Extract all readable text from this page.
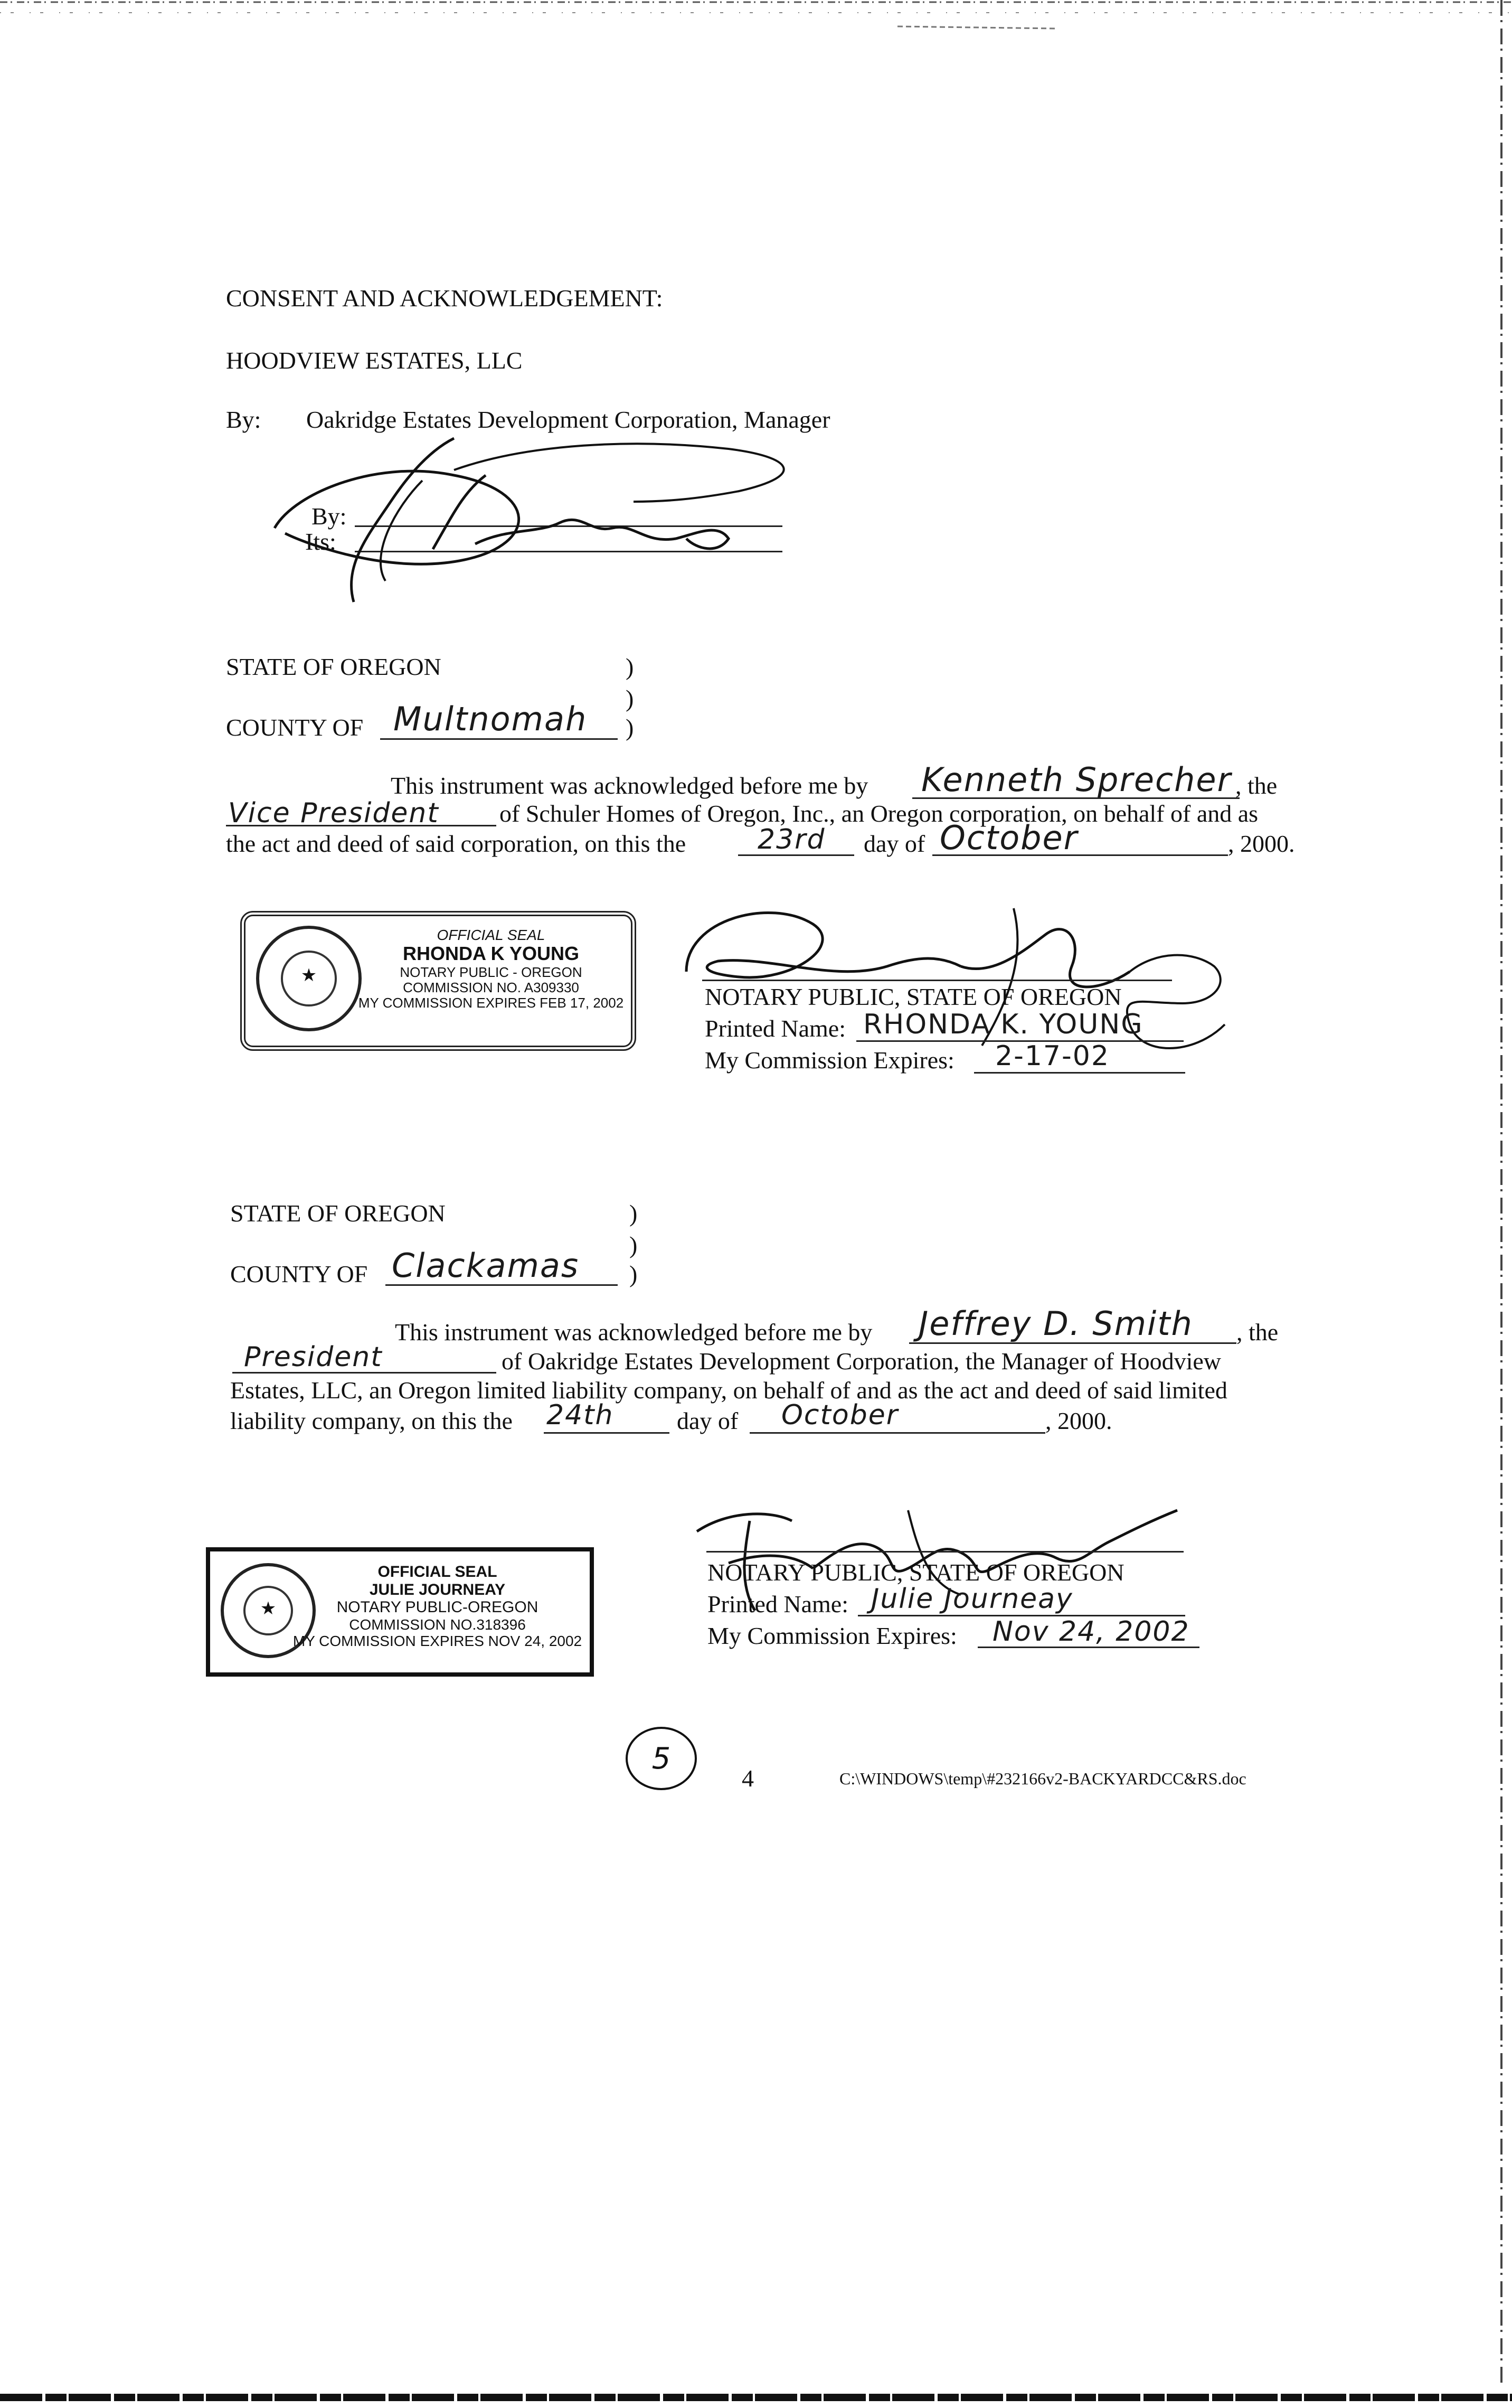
CONSENT AND ACKNOWLEDGEMENT:
HOODVIEW ESTATES, LLC
By: Oakridge Estates Development Corporation, Manager
By:
Its:
STATE OF OREGON	)
)
)
COUNTY OF Multnomah
This instrument was acknowledged before me by Kenneth Sprecher , the
Vice President of Schuler Homes of Oregon, Inc., an Oregon corporation, on behalf of and as
the act and deed of said corporation, on this the	23rd day of October	, 2000.
★
OFFICIAL SEAL
RHONDA K YOUNG
NOTARY PUBLIC - OREGON
COMMISSION NO. A309330
MY COMMISSION EXPIRES FEB 17, 2002	NOTARY PUBLIC, STATE OF OREGON
Printed Name: RHONDA K. YOUNG
My Commission Expires: 2-17-02
STATE OF OREGON	)
)
)
COUNTY OF Clackamas
This instrument was acknowledged before me by Jeffrey D. Smith , the
President	of Oakridge Estates Development Corporation, the Manager of Hoodview
Estates, LLC, an Oregon limited liability company, on behalf of and as the act and deed of said limited
liability company, on this the 24th	day of October	, 2000.
★
OFFICIAL SEAL
JULIE JOURNEAY
NOTARY PUBLIC-OREGON
COMMISSION NO.318396
MY COMMISSION EXPIRES NOV 24, 2002
NOTARY PUBLIC, STATE OF OREGON
Printed Name: Julie Journeay
My Commission Expires: Nov 24, 2002
5
4	C:\WINDOWS\temp\#232166v2-BACKYARDCC&RS.doc
